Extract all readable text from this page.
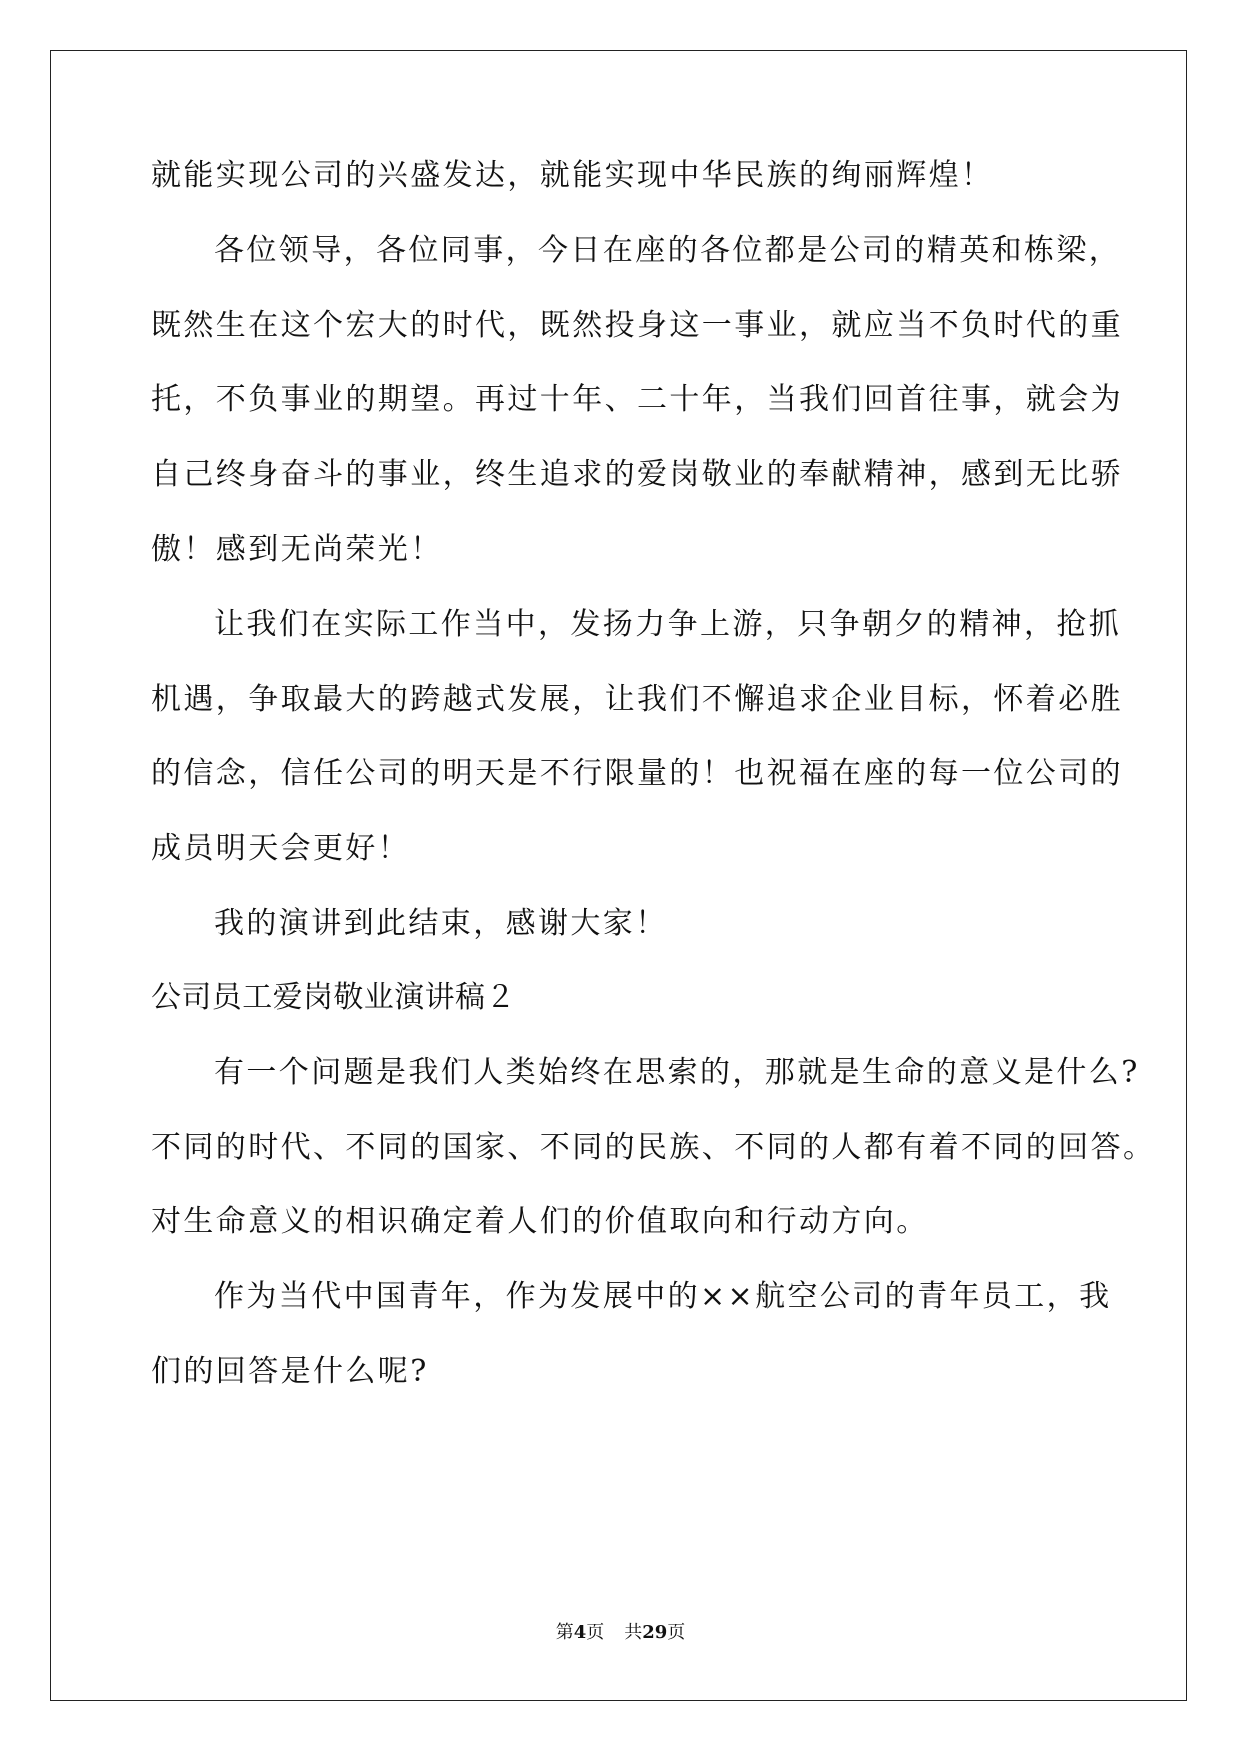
就能实现公司的兴盛发达，就能实现中华民族的绚丽辉煌！
各位领导，各位同事，今日在座的各位都是公司的精英和栋梁，
既然生在这个宏大的时代，既然投身这一事业，就应当不负时代的重
托，不负事业的期望。再过十年、二十年，当我们回首往事，就会为
自己终身奋斗的事业，终生追求的爱岗敬业的奉献精神，感到无比骄
傲！感到无尚荣光！
让我们在实际工作当中，发扬力争上游，只争朝夕的精神，抢抓
机遇，争取最大的跨越式发展，让我们不懈追求企业目标，怀着必胜
的信念，信任公司的明天是不行限量的！也祝福在座的每一位公司的
成员明天会更好！
我的演讲到此结束，感谢大家！
公司员工爱岗敬业演讲稿２
有一个问题是我们人类始终在思索的，那就是生命的意义是什么?
不同的时代、不同的国家、不同的民族、不同的人都有着不同的回答。
对生命意义的相识确定着人们的价值取向和行动方向。
作为当代中国青年，作为发展中的××航空公司的青年员工，我
们的回答是什么呢?
第4页 共29页
